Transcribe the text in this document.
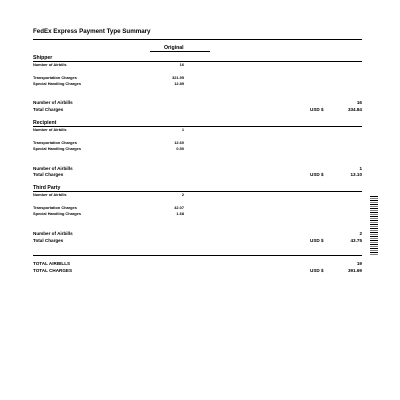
FedEx Express Payment Type Summary
Original
Shipper
Number of Airbills	16
Transportation Charges	321.95
Special Handling Charges	12.89
Number of Airbills	16
Total Charges	USD $	334.84
Recipient
Number of Airbills	1
Transportation Charges	12.60
Special Handling Charges	0.50
Number of Airbills	1
Total Charges	USD $	13.10
Third Party
Number of Airbills	2
Transportation Charges	42.07
Special Handling Charges	1.68
Number of Airbills	2
Total Charges	USD $	43.75
TOTAL AIRBILLS	19
TOTAL CHARGES	USD $	391.69
